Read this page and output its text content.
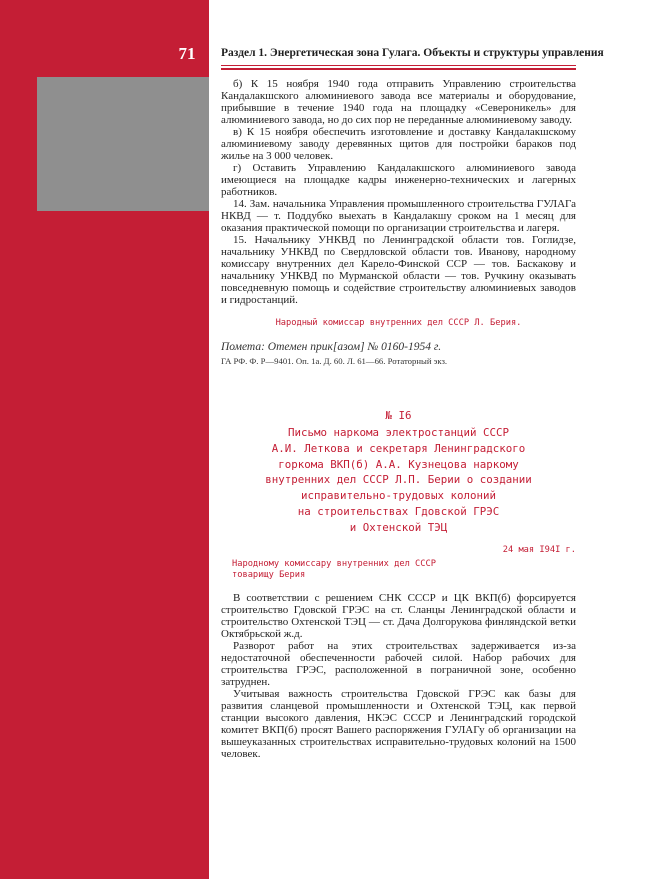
71	Раздел 1. Энергетическая зона Гулага. Объекты и структуры управления

б) К 15 ноября 1940 года отправить Управлению строительства Кандалакшского алюминиевого завода все материалы и оборудование, прибывшие в течение 1940 года на площадку «Североникель» для алюминиевого завода, но до сих пор не переданные алюминиевому заводу.

в) К 15 ноября обеспечить изготовление и доставку Кандалакшскому алюминиевому заводу деревянных щитов для постройки бараков под жилье на 3 000 человек.

г) Оставить Управлению Кандалакшского алюминиевого завода имеющиеся на площадке кадры инженерно-технических и лагерных работников.

14. Зам. начальника Управления промышленного строительства ГУЛАГа НКВД — т. Поддубко выехать в Кандалакшу сроком на 1 месяц для оказания практической помощи по организации строительства и лагеря.

15. Начальнику УНКВД по Ленинградской области тов. Гоглидзе, начальнику УНКВД по Свердловской области тов. Иванову, народному комиссару внутренних дел Карело-Финской ССР — тов. Баскакову и начальнику УНКВД по Мурманской области — тов. Ручкину оказывать повседневную помощь и содействие строительству алюминиевых заводов и гидростанций.

Народный комиссар внутренних дел СССР Л. Берия.
Помета: Отемен прик[азом] № 0160-1954 г.
ГА РФ. Ф. Р—9401. Оп. 1а. Д. 60. Л. 61—66. Ротаторный экз.
№ I6
Письмо наркома электростанций СССР
А.И. Леткова и секретаря Ленинградского
горкома ВКП(б) А.А. Кузнецова наркому
внутренних дел СССР Л.П. Берии о создании
исправительно-трудовых колоний
на строительствах Гдовской ГРЭС
и Охтенской ТЭЦ
24 мая I94I г.
Народному комиссару внутренних дел СССР
товарищу Берия

В соответствии с решением СНК СССР и ЦК ВКП(б) форсируется строительство Гдовской ГРЭС на ст. Сланцы Ленинградской области и строительство Охтенской ТЭЦ — ст. Дача Долгорукова финляндской ветки Октябрьской ж.д.

Разворот работ на этих строительствах задерживается из-за недостаточной обеспеченности рабочей силой. Набор рабочих для строительства ГРЭС, расположенной в пограничной зоне, особенно затруднен.

Учитывая важность строительства Гдовской ГРЭС как базы для развития сланцевой промышленности и Охтенской ТЭЦ, как первой станции высокого давления, НКЭС СССР и Ленинградский городской комитет ВКП(б) просят Вашего распоряжения ГУЛАГу об организации на вышеуказанных строительствах исправительно-трудовых колоний на 1500 человек.
